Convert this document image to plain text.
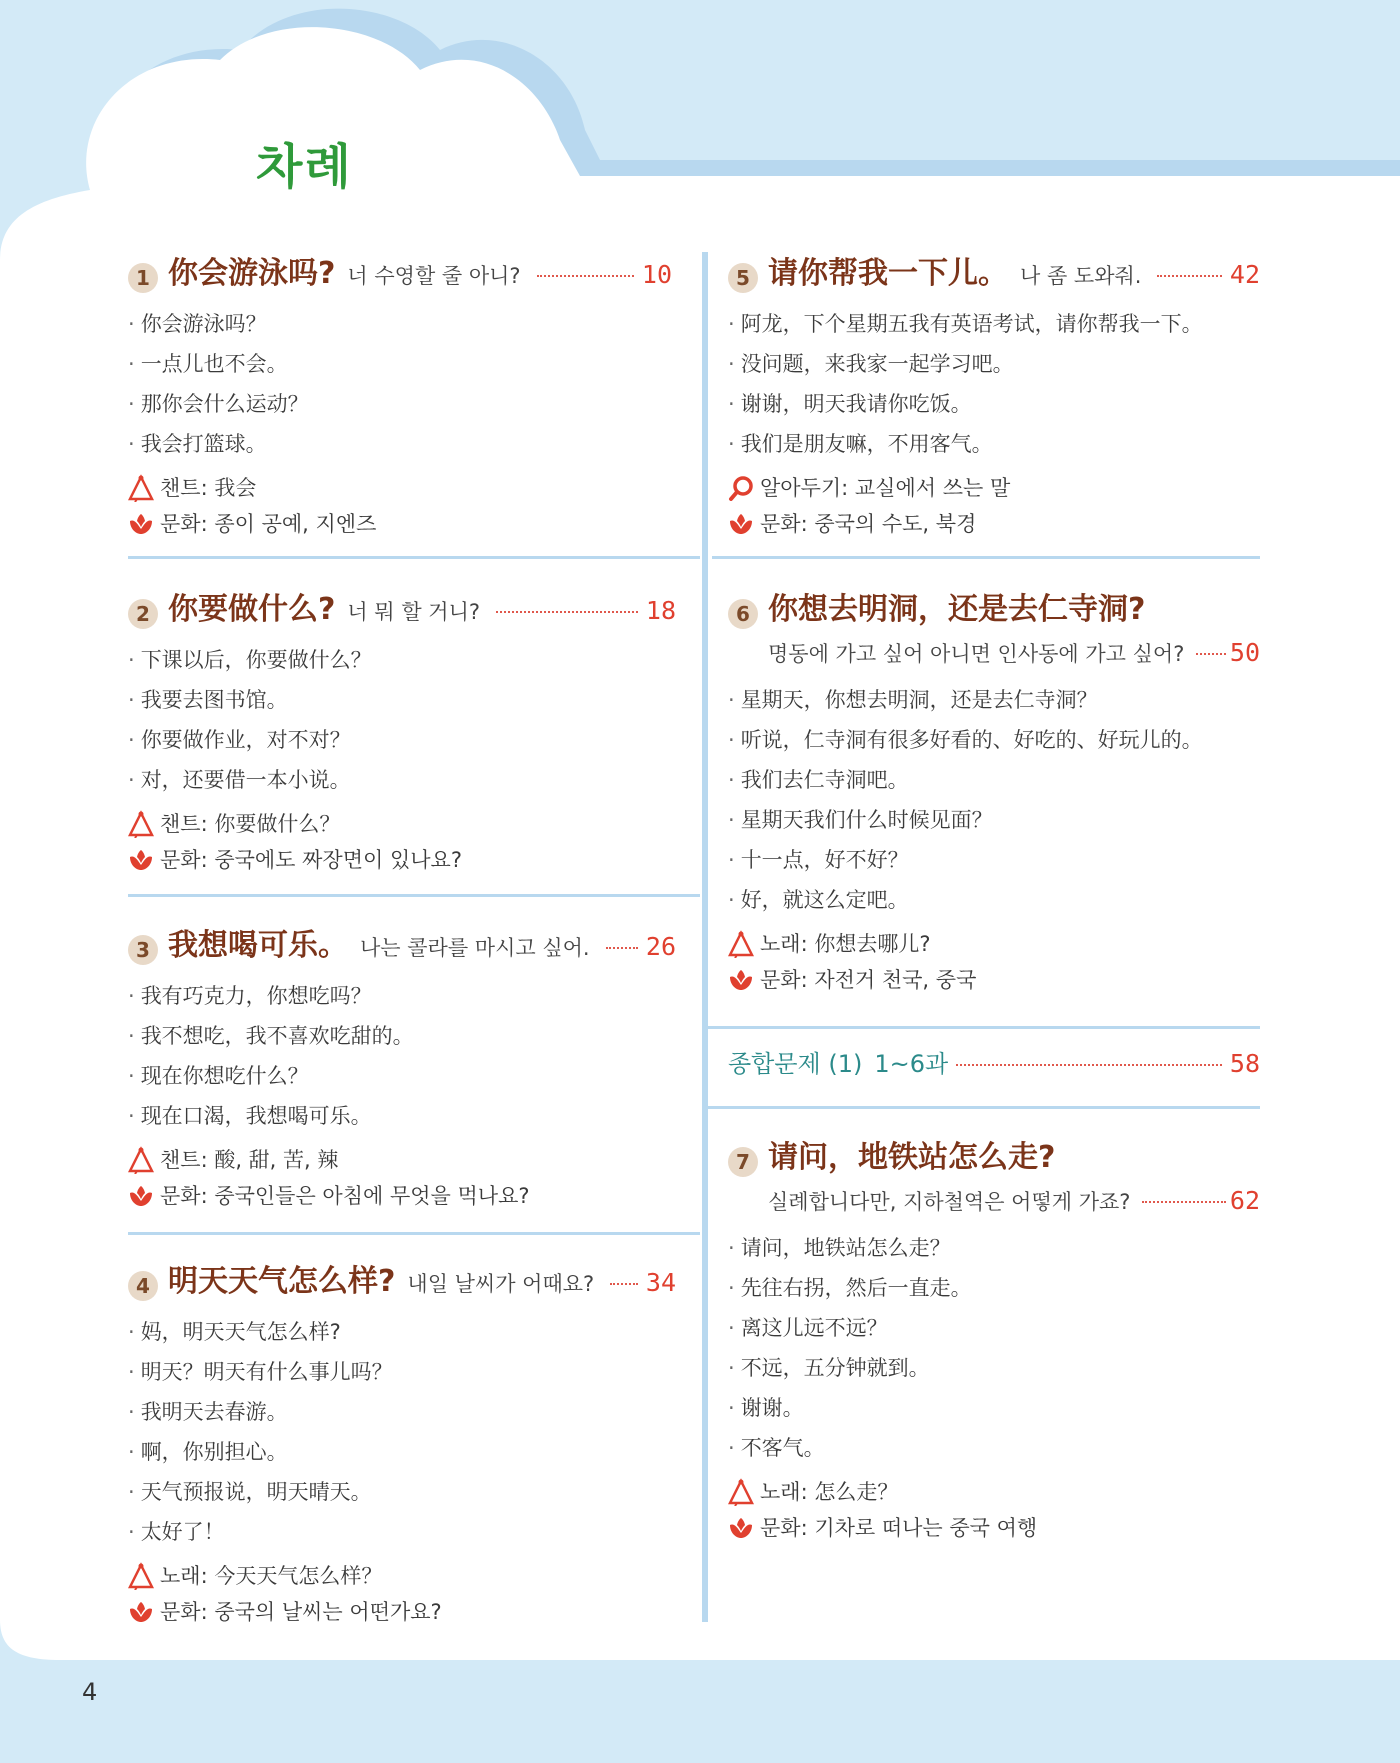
차례
1 你会游泳吗? 너 수영할 줄 아니?	10
· 你会游泳吗？
· 一点儿也不会。
· 那你会什么运动？
· 我会打篮球。
챈트: 我会
문화: 종이 공예, 지엔즈
2 你要做什么? 너 뭐 할 거니?	18
· 下课以后，你要做什么？
· 我要去图书馆。
· 你要做作业，对不对？
· 对，还要借一本小说。
챈트: 你要做什么？
문화: 중국에도 짜장면이 있나요?
3 我想喝可乐。 나는 콜라를 마시고 싶어. 26
· 我有巧克力，你想吃吗？
· 我不想吃，我不喜欢吃甜的。
· 现在你想吃什么？
· 现在口渴，我想喝可乐。
챈트: 酸, 甜, 苦, 辣
문화: 중국인들은 아침에 무엇을 먹나요?
4 明天天气怎么样? 내일 날씨가 어때요? 34
· 妈，明天天气怎么样?
· 明天？明天有什么事儿吗？
· 我明天去春游。
· 啊，你别担心。
· 天气预报说，明天晴天。
· 太好了！
노래: 今天天气怎么样？
문화: 중국의 날씨는 어떤가요?
5 请你帮我一下儿。 나 좀 도와줘.	42
· 阿龙，下个星期五我有英语考试，请你帮我一下。
· 没问题，来我家一起学习吧。
· 谢谢，明天我请你吃饭。
· 我们是朋友嘛，不用客气。
알아두기: 교실에서 쓰는 말
문화: 중국의 수도, 북경
6 你想去明洞，还是去仁寺洞?
명동에 가고 싶어 아니면 인사동에 가고 싶어? 50
· 星期天，你想去明洞，还是去仁寺洞？
· 听说，仁寺洞有很多好看的、好吃的、好玩儿的。
· 我们去仁寺洞吧。
· 星期天我们什么时候见面？
· 十一点，好不好？
· 好，就这么定吧。
노래: 你想去哪儿?
문화: 자전거 천국, 중국
종합문제 (1) 1~6과	58
7 请问，地铁站怎么走?
실례합니다만, 지하철역은 어떻게 가죠?	62
· 请问，地铁站怎么走？
· 先往右拐，然后一直走。
· 离这儿远不远？
· 不远，五分钟就到。
· 谢谢。
· 不客气。
노래: 怎么走？
문화: 기차로 떠나는 중국 여행
4
